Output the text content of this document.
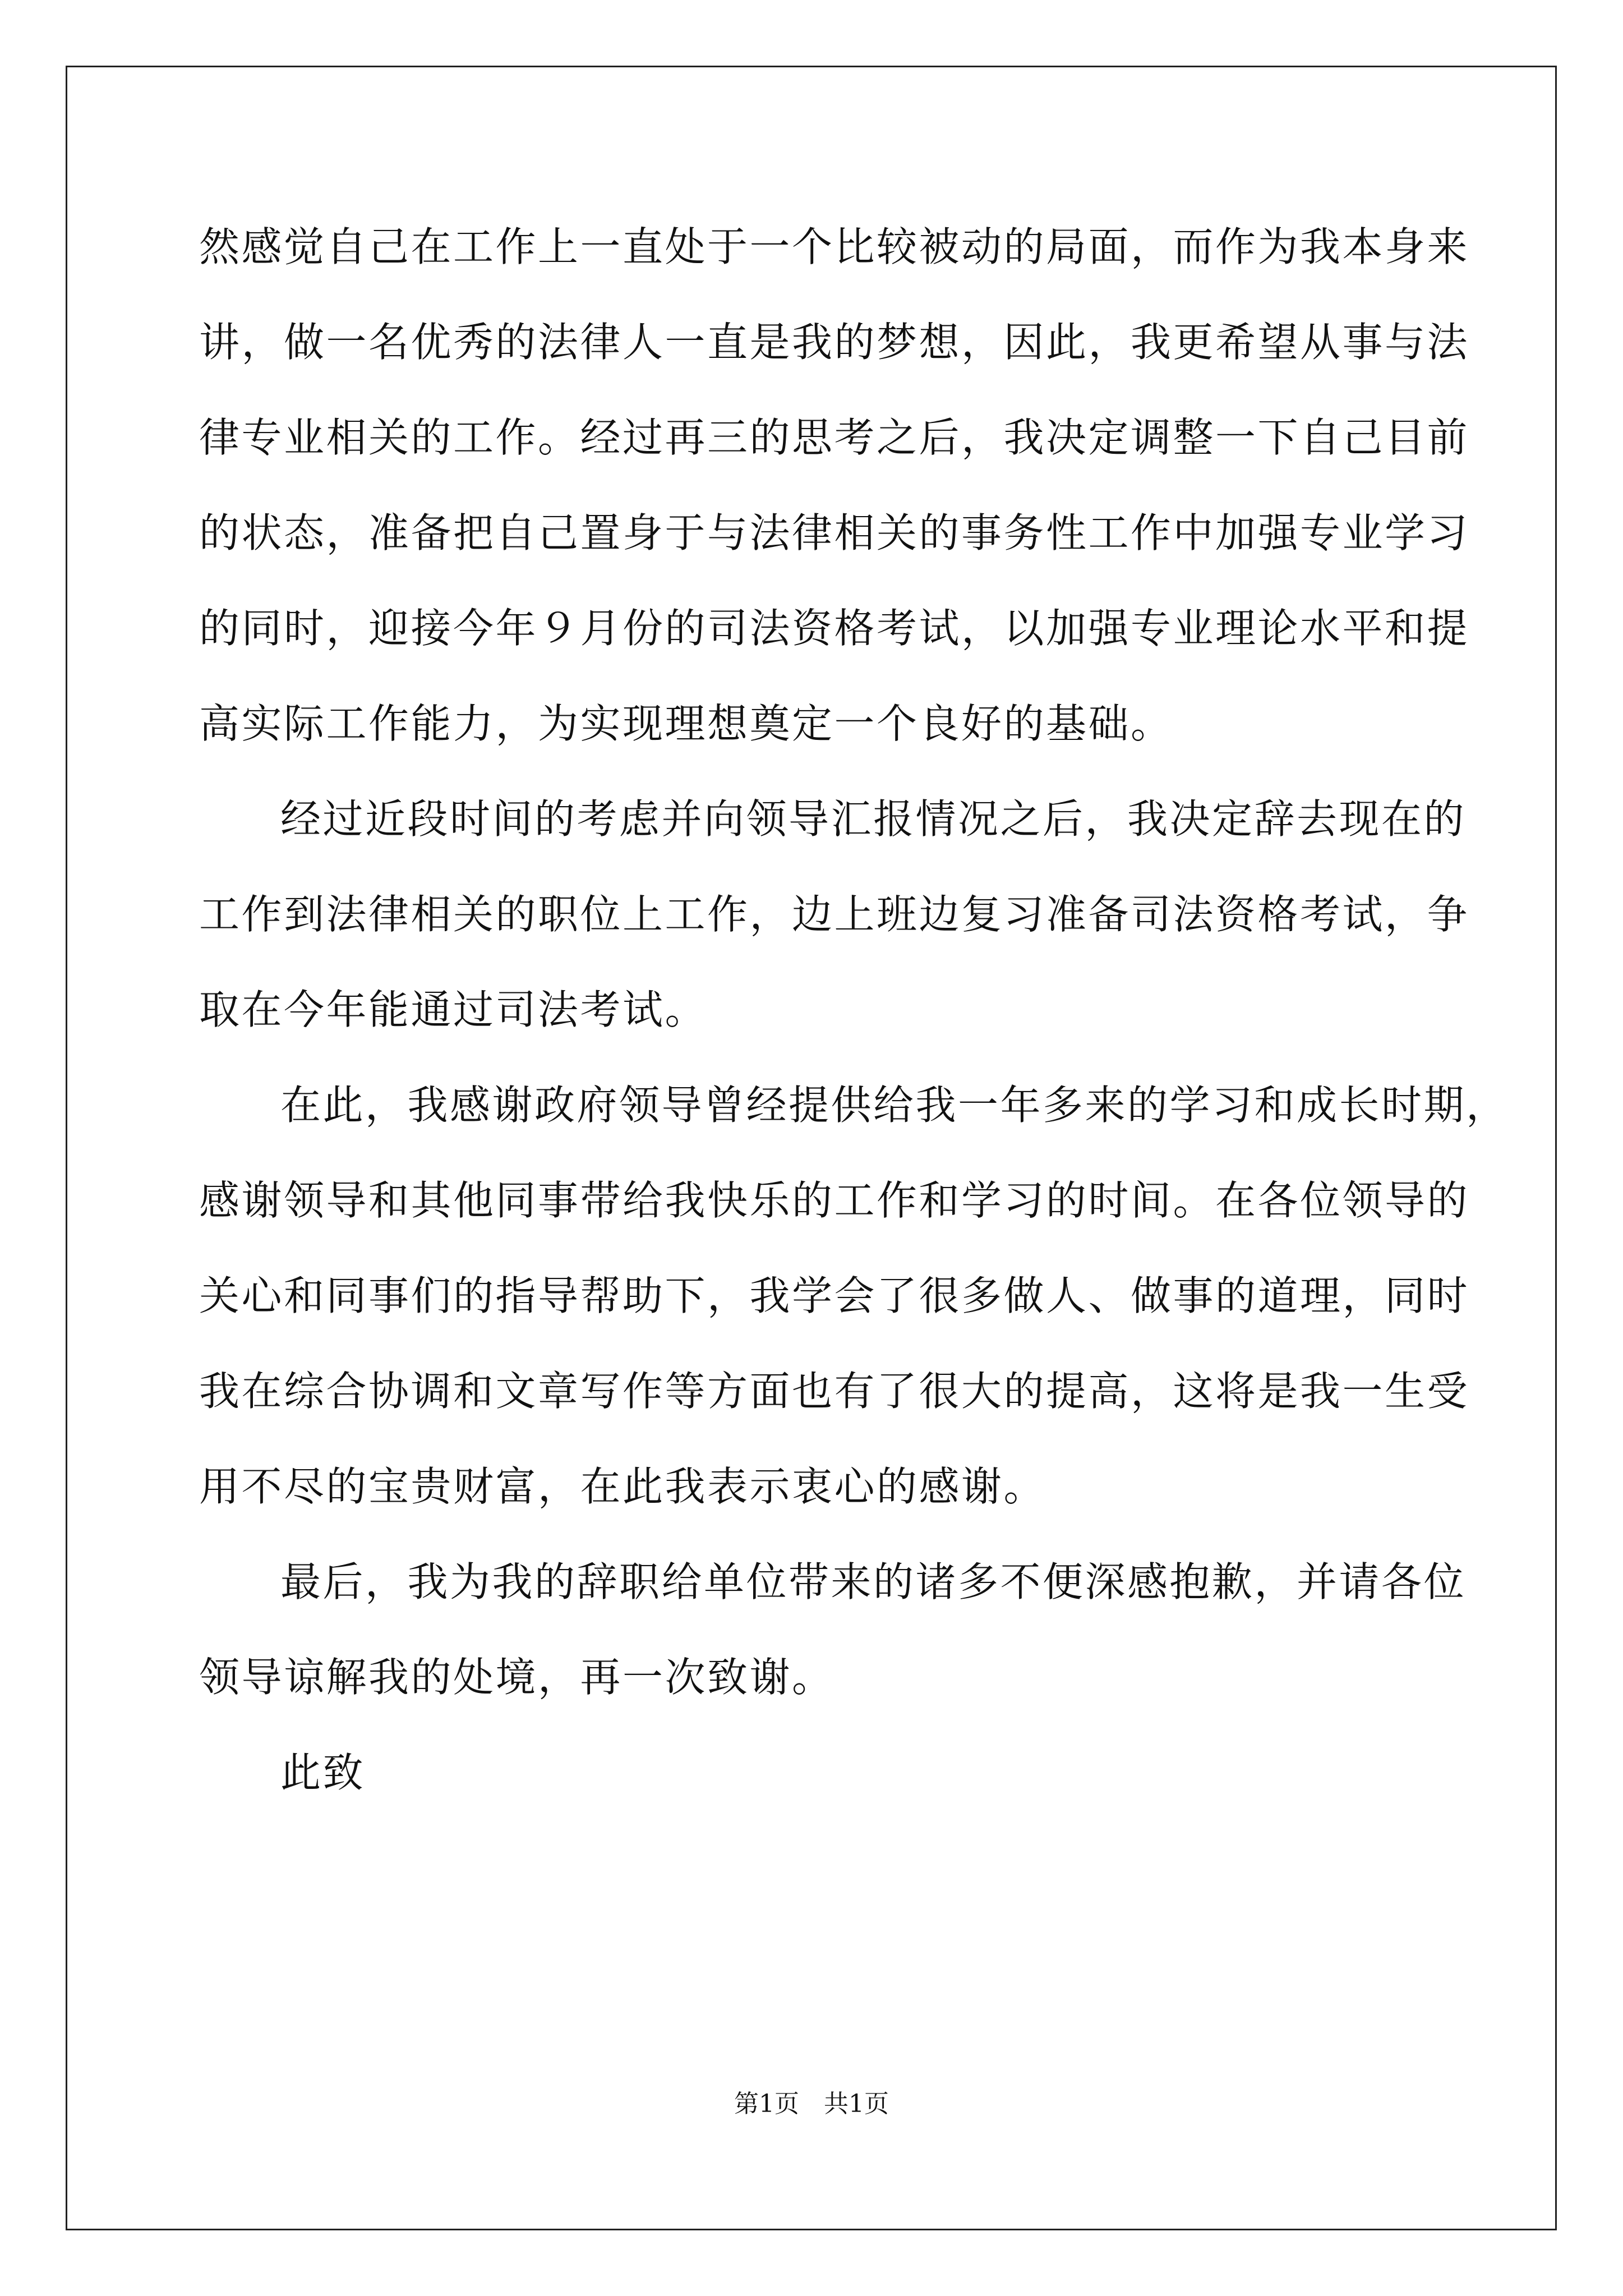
然感觉自己在工作上一直处于一个比较被动的局面，而作为我本身来
讲，做一名优秀的法律人一直是我的梦想，因此，我更希望从事与法
律专业相关的工作。经过再三的思考之后，我决定调整一下自己目前
的状态，准备把自己置身于与法律相关的事务性工作中加强专业学习
的同时，迎接今年９月份的司法资格考试，以加强专业理论水平和提
高实际工作能力，为实现理想奠定一个良好的基础。
经过近段时间的考虑并向领导汇报情况之后，我决定辞去现在的
工作到法律相关的职位上工作，边上班边复习准备司法资格考试，争
取在今年能通过司法考试。
在此，我感谢政府领导曾经提供给我一年多来的学习和成长时期，
感谢领导和其他同事带给我快乐的工作和学习的时间。在各位领导的
关心和同事们的指导帮助下，我学会了很多做人、做事的道理，同时
我在综合协调和文章写作等方面也有了很大的提高，这将是我一生受
用不尽的宝贵财富，在此我表示衷心的感谢。
最后，我为我的辞职给单位带来的诸多不便深感抱歉，并请各位
领导谅解我的处境，再一次致谢。
此致
第1页　共1页
